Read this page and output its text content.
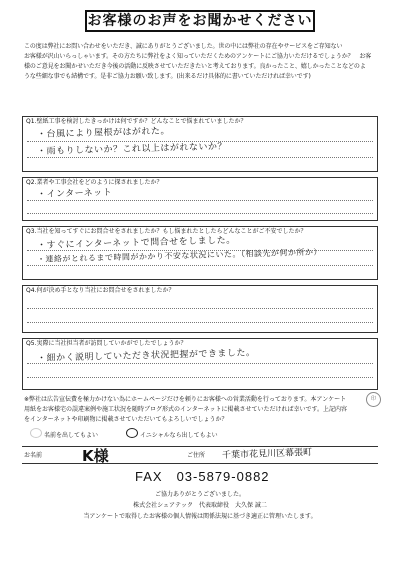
お客様のお声をお聞かせください
この度は弊社にお問い合わせをいただき、誠にありがとうございました。世の中には弊社の存在やサービスをご存知ない
お客様が沢山いらっしゃいます。その方たちに弊社をよく知っていただくためのアンケートにご協力いただけるでしょうか？　お客
様のご意見をお聞かせいただき今後の活動に反映させていただきたいと考えております。良かったこと、嬉しかったことなどのよ
うな些細な事でも結構です。是非ご協力お願い致します。(出来るだけ具体的に書いていただければ幸いです)
Q1.壁紙工事を検討したきっかけは何ですか？どんなことで悩まれていましたか？
・台風により屋根がはがれた。
・雨もりしないか？これ以上はがれないか？
Q2.業者や工事会社をどのように探されましたか？
・インターネット
Q3.当社を知ってすぐにお問合せをされましたか？もし悩まれたとしたらどんなことがご不安でしたか？
・すぐにインターネットで問合せをしました。
・連絡がとれるまで時間がかかり不安な状況にいた。（相談先が何か所か）
Q4.何が決め手となり当社にお問合せをされましたか？
Q5.実際に当社担当者が訪問していかがでしたでしょうか？
・細かく説明していただき状況把握ができました。
※弊社は広告宣伝費を極力かけない為にホームページだけを頼りにお客様への営業活動を行っております。本アンケート
用紙をお客様宅の誤違案例や施工状況を随時ブログ形式のインターネットに掲載させていただければ幸いです。上記内容
をインターネットや印刷物に掲載させていただいてもよろしいでしょうか？
名前を出してもよい	イニシャルなら出してもよい
お名前	K様	ご住所 千葉市花見川区幕張町
FAX　03-5879-0882
ご協力ありがとうございました。
株式会社シェアテック　代表取締役　大久保 誠二
当アンケートで取得したお客様の個人情報は関係法規に基づき適正に管理いたします。
印
